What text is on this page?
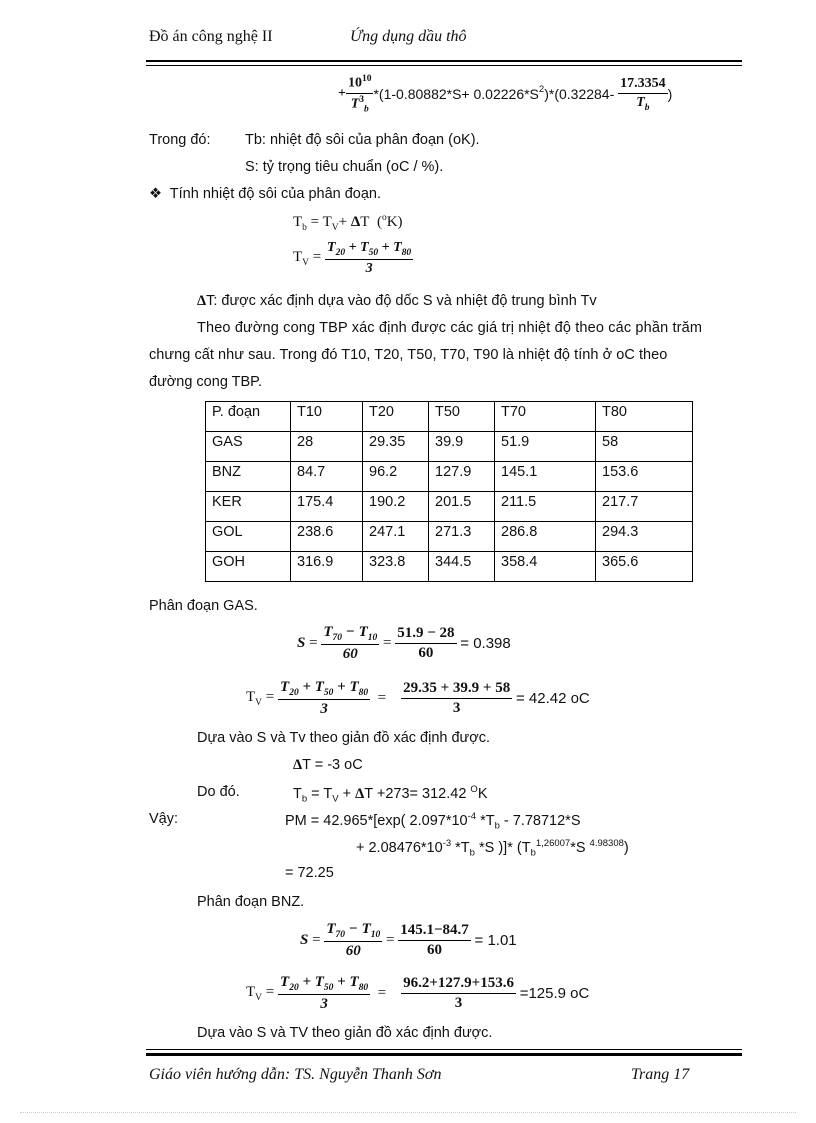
Đồ án công nghệ II	Ứng dụng dầu thô
+ $\frac{10^{10}}{T^3_b} *(1-0.80882*S+ 0.02226*S^2)*(0.32284- \frac{17.3354}{T_b}$ )
Trong đó: Tb: nhiệt độ sôi của phân đoạn (oK).
S: tỷ trọng tiêu chuẩn (oC / %).
❖ Tính nhiệt độ sôi của phân đoạn.
$T_b = T_V+ \Delta T$  ($^o$K)
$T_V = \frac{T_{20} + T_{50} + T_{80}}{3}$
ΔT: được xác định dựa vào độ dốc S và nhiệt độ trung bình Tv
Theo đường cong TBP xác định được các giá trị nhiệt độ theo các phần trăm
chưng cất như sau. Trong đó T10, T20, T50, T70, T90 là nhiệt độ tính ở oC theo
đường cong TBP.
P. đoạn	T10	T20	T50	T70	T80
GAS	28	29.35	39.9	51.9	58
BNZ	84.7	96.2	127.9	145.1	153.6
KER	175.4	190.2	201.5	211.5	217.7
GOL	238.6	247.1	271.3	286.8	294.3
GOH	316.9	323.8	344.5	358.4	365.6
Phân đoạn GAS.
$S = \frac{T_{70} - T_{10}}{60} = \frac{51.9 - 28}{60} = 0.398$
$T_V = \frac{T_{20} + T_{50} + T_{80}}{3} = \frac{29.35 + 39.9 + 58}{3} = 42.42$ oC
Dựa vào S và Tv theo giản đồ xác định được.
ΔT = -3 oC
Do đó.	$T_b = T_V + \Delta T +273= 312.42$ $^O$K
Vậy:	PM = 42.965*[exp( $2.097*10^{-4}$ $*T_b - 7.78712*S$
+ $2.08476*10^{-3}$ $*T_b$ *S )]* ($T_b^{1,26007}*S$ $^{4.98308}$)
= 72.25
Phân đoạn BNZ.
$S = \frac{T_{70} - T_{10}}{60} = \frac{145.1-84.7}{60} = 1.01$
$T_V = \frac{T_{20} + T_{50} + T_{80}}{3} = \frac{96.2+127.9+153.6}{3} =125.9$ oC
Dựa vào S và TV theo giản đồ xác định được.
Giáo viên hướng dẫn: TS. Nguyễn Thanh Sơn	Trang 17
